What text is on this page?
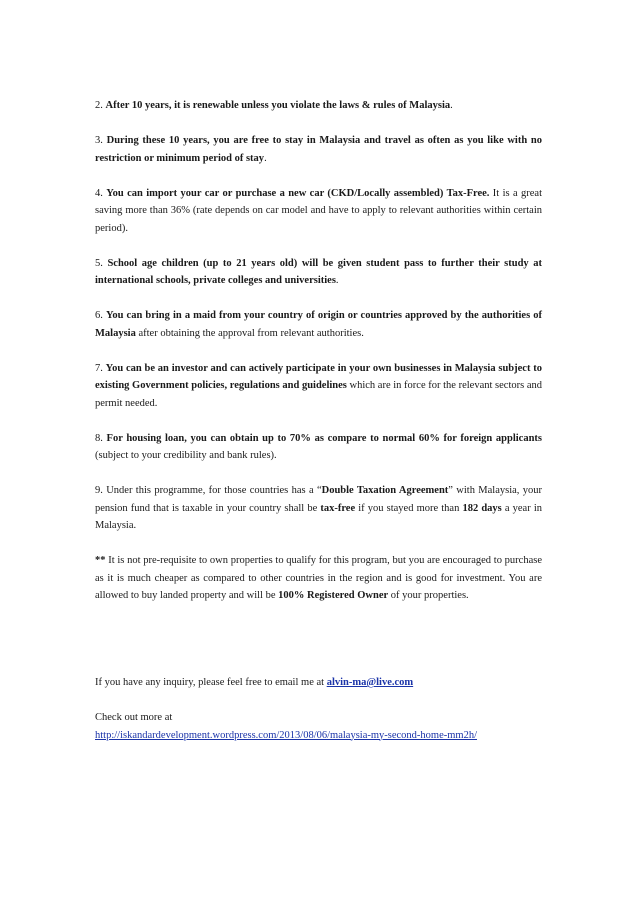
2. After 10 years, it is renewable unless you violate the laws & rules of Malaysia.

3. During these 10 years, you are free to stay in Malaysia and travel as often as you like with no restriction or minimum period of stay.

4. You can import your car or purchase a new car (CKD/Locally assembled) Tax-Free. It is a great saving more than 36% (rate depends on car model and have to apply to relevant authorities within certain period).

5. School age children (up to 21 years old) will be given student pass to further their study at international schools, private colleges and universities.

6. You can bring in a maid from your country of origin or countries approved by the authorities of Malaysia after obtaining the approval from relevant authorities.

7. You can be an investor and can actively participate in your own businesses in Malaysia subject to existing Government policies, regulations and guidelines which are in force for the relevant sectors and permit needed.

8. For housing loan, you can obtain up to 70% as compare to normal 60% for foreign applicants (subject to your credibility and bank rules).

9. Under this programme, for those countries has a “Double Taxation Agreement” with Malaysia, your pension fund that is taxable in your country shall be tax-free if you stayed more than 182 days a year in Malaysia.

** It is not pre-requisite to own properties to qualify for this program, but you are encouraged to purchase as it is much cheaper as compared to other countries in the region and is good for investment. You are allowed to buy landed property and will be 100% Registered Owner of your properties.

If you have any inquiry, please feel free to email me at alvin-ma@live.com

Check out more at
http://iskandardevelopment.wordpress.com/2013/08/06/malaysia-my-second-home-mm2h/
